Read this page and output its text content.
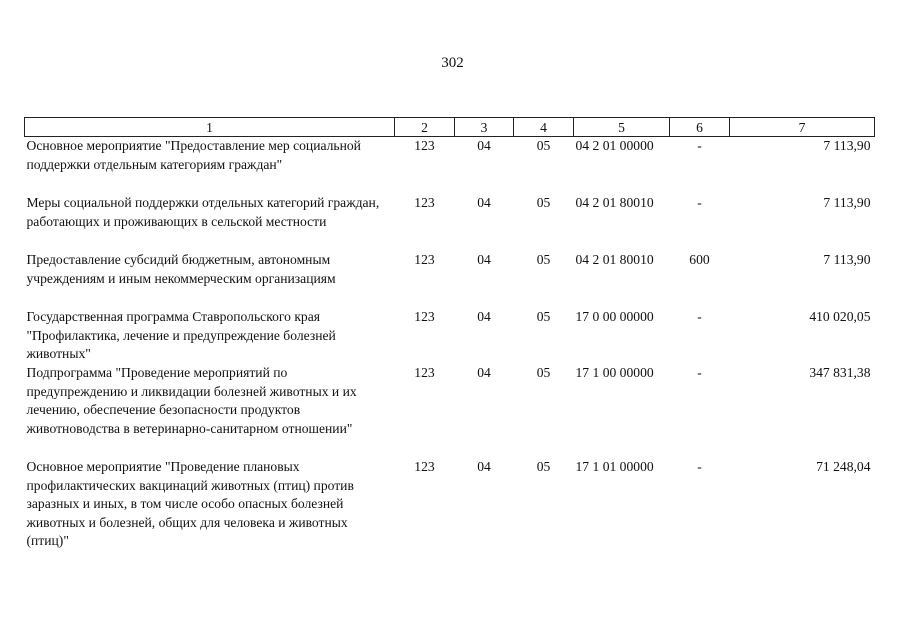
302
1	2	3	4	5	6	7
Основное мероприятие "Предоставление мер социальной поддержки отдельным категориям граждан"	123	04	05	04 2 01 00000	-	7 113,90
Меры социальной поддержки отдельных категорий граждан, работающих и проживающих в сельской местности	123	04	05	04 2 01 80010	-	7 113,90
Предоставление субсидий бюджетным, автономным учреждениям и иным некоммерческим организациям	123	04	05	04 2 01 80010	600	7 113,90
Государственная программа Ставропольского края "Профилактика, лечение и предупреждение болезней животных"	123	04	05	17 0 00 00000	-	410 020,05
Подпрограмма "Проведение мероприятий по предупреждению и ликвидации болезней животных и их лечению, обеспечение безопасности продуктов животноводства в ветеринарно-санитарном отношении"	123	04	05	17 1 00 00000	-	347 831,38
Основное мероприятие "Проведение плановых профилактических вакцинаций животных (птиц) против заразных и иных, в том числе особо опасных болезней животных и болезней, общих для человека и животных (птиц)"	123	04	05	17 1 01 00000	-	71 248,04
